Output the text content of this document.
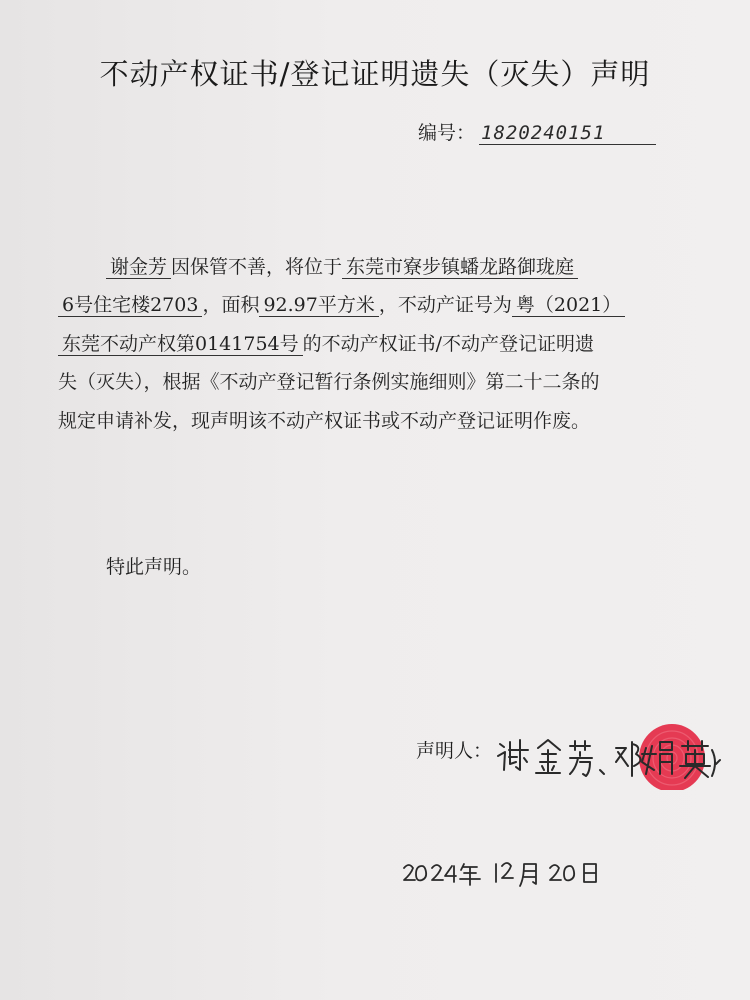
不动产权证书/登记证明遗失（灭失）声明
编号： 1820240151
谢金芳 因保管不善，将位于 东莞市寮步镇蟠龙路御珑庭
6号住宅楼2703 ，面积 92.97平方米 ，不动产证号为 粤（2021）
东莞不动产权第0141754号 的不动产权证书/不动产登记证明遗
失（灭失），根据《不动产登记暂行条例实施细则》第二十二条的
规定申请补发，现声明该不动产权证书或不动产登记证明作废。
特此声明。
声明人：
